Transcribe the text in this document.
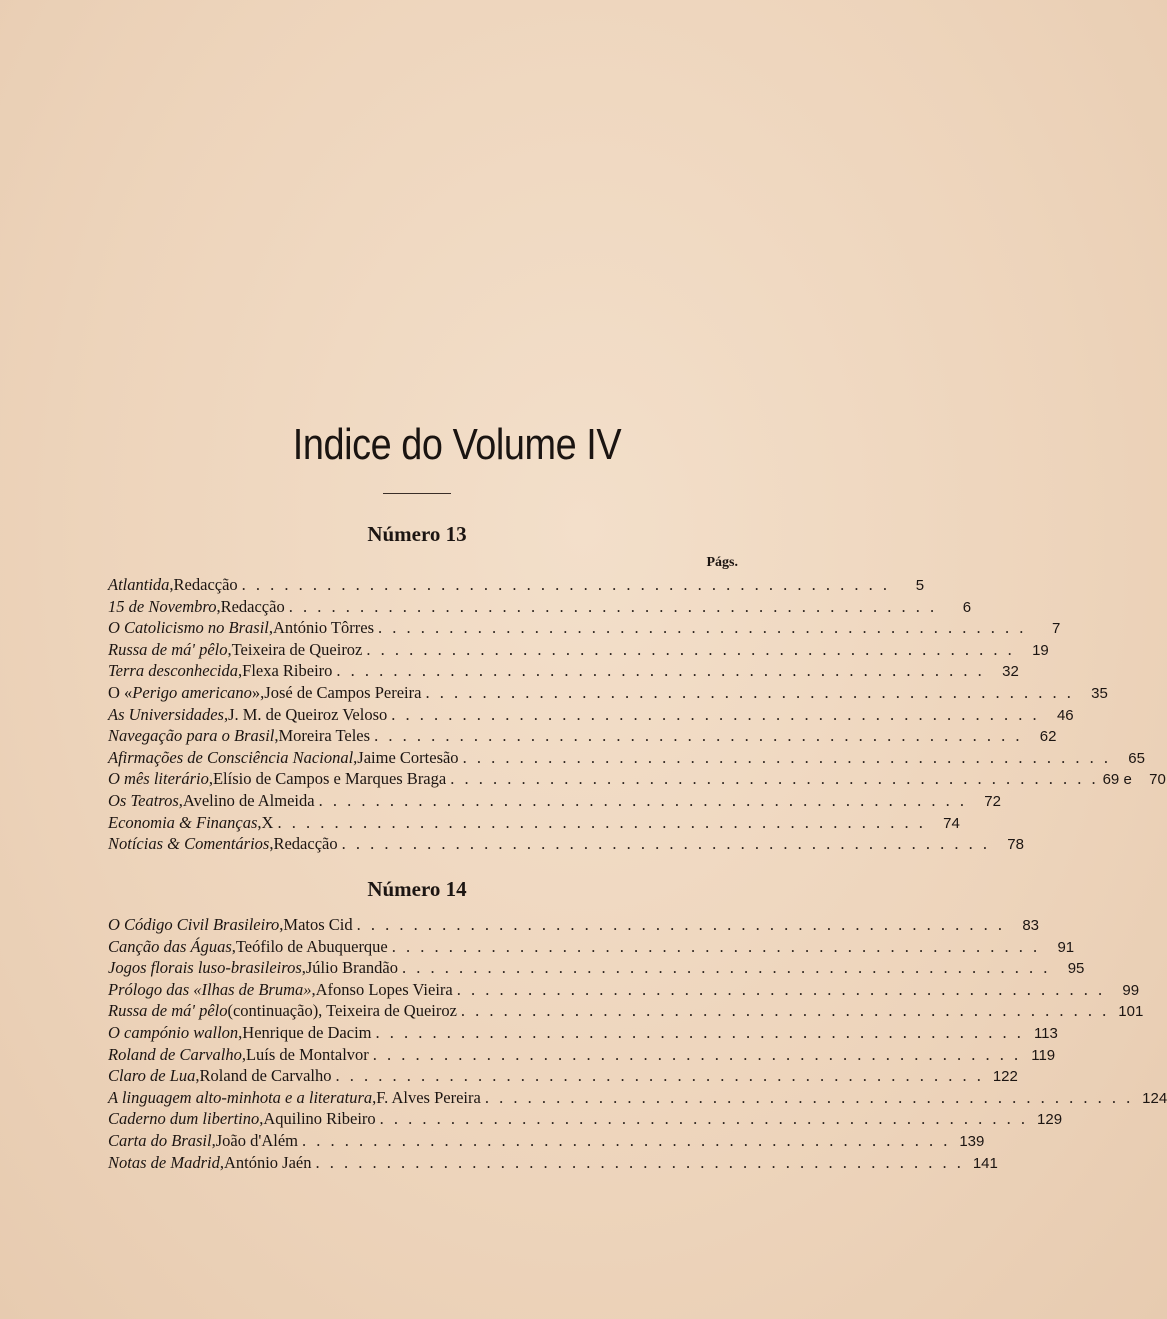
Indice do Volume IV
Número 13
Págs.
Atlantida , Redacção . . . . . . . . . . . . . . . . . . . . . . . . . . . . . . . . . . . . . . . . . . . . . .	5
15 de Novembro , Redacção . . . . . . . . . . . . . . . . . . . . . . . . . . . . . . . . . . . . . . . . . . . . . .	6
O Catolicismo no Brasil , António Tôrres . . . . . . . . . . . . . . . . . . . . . . . . . . . . . . . . . . . . . . . . . . . . . .	7
Russa de má' pêlo , Teixeira de Queiroz . . . . . . . . . . . . . . . . . . . . . . . . . . . . . . . . . . . . . . . . . . . . . .	19
Terra desconhecida , Flexa Ribeiro . . . . . . . . . . . . . . . . . . . . . . . . . . . . . . . . . . . . . . . . . . . . . .	32
O « Perigo americano », José de Campos Pereira . . . . . . . . . . . . . . . . . . . . . . . . . . . . . . . . . . . . . . . . . . . . . .	35
As Universidades , J. M. de Queiroz Veloso . . . . . . . . . . . . . . . . . . . . . . . . . . . . . . . . . . . . . . . . . . . . . .	46
Navegação para o Brasil , Moreira Teles . . . . . . . . . . . . . . . . . . . . . . . . . . . . . . . . . . . . . . . . . . . . . .	62
Afirmações de Consciência Nacional , Jaime Cortesão . . . . . . . . . . . . . . . . . . . . . . . . . . . . . . . . . . . . . . . . . . . . . .	65
O mês literário , Elísio de Campos e Marques Braga . . . . . . . . . . . . . . . . . . . . . . . . . . . . . . . . . . . . . . . . . . . . . . 69 e	70
Os Teatros , Avelino de Almeida . . . . . . . . . . . . . . . . . . . . . . . . . . . . . . . . . . . . . . . . . . . . . .	72
Economia & Finanças , X . . . . . . . . . . . . . . . . . . . . . . . . . . . . . . . . . . . . . . . . . . . . . .	74
Notícias & Comentários , Redacção . . . . . . . . . . . . . . . . . . . . . . . . . . . . . . . . . . . . . . . . . . . . . .	78
Número 14
O Código Civil Brasileiro , Matos Cid . . . . . . . . . . . . . . . . . . . . . . . . . . . . . . . . . . . . . . . . . . . . . .	83
Canção das Águas , Teófilo de Abuquerque . . . . . . . . . . . . . . . . . . . . . . . . . . . . . . . . . . . . . . . . . . . . . .	91
Jogos florais luso-brasileiros , Júlio Brandão . . . . . . . . . . . . . . . . . . . . . . . . . . . . . . . . . . . . . . . . . . . . . .	95
Prólogo das «Ilhas de Bruma» , Afonso Lopes Vieira . . . . . . . . . . . . . . . . . . . . . . . . . . . . . . . . . . . . . . . . . . . . . .	99
Russa de má' pêlo (continuação), Teixeira de Queiroz . . . . . . . . . . . . . . . . . . . . . . . . . . . . . . . . . . . . . . . . . . . . . . 101
O campónio wallon , Henrique de Dacim . . . . . . . . . . . . . . . . . . . . . . . . . . . . . . . . . . . . . . . . . . . . . . 113
Roland de Carvalho , Luís de Montalvor . . . . . . . . . . . . . . . . . . . . . . . . . . . . . . . . . . . . . . . . . . . . . . 119
Claro de Lua , Roland de Carvalho . . . . . . . . . . . . . . . . . . . . . . . . . . . . . . . . . . . . . . . . . . . . . . 122
A linguagem alto-minhota e a literatura , F. Alves Pereira . . . . . . . . . . . . . . . . . . . . . . . . . . . . . . . . . . . . . . . . . . . . . . 124
Caderno dum libertino , Aquilino Ribeiro . . . . . . . . . . . . . . . . . . . . . . . . . . . . . . . . . . . . . . . . . . . . . . 129
Carta do Brasil , João d'Além . . . . . . . . . . . . . . . . . . . . . . . . . . . . . . . . . . . . . . . . . . . . . . 139
Notas de Madrid , António Jaén . . . . . . . . . . . . . . . . . . . . . . . . . . . . . . . . . . . . . . . . . . . . . . 141
